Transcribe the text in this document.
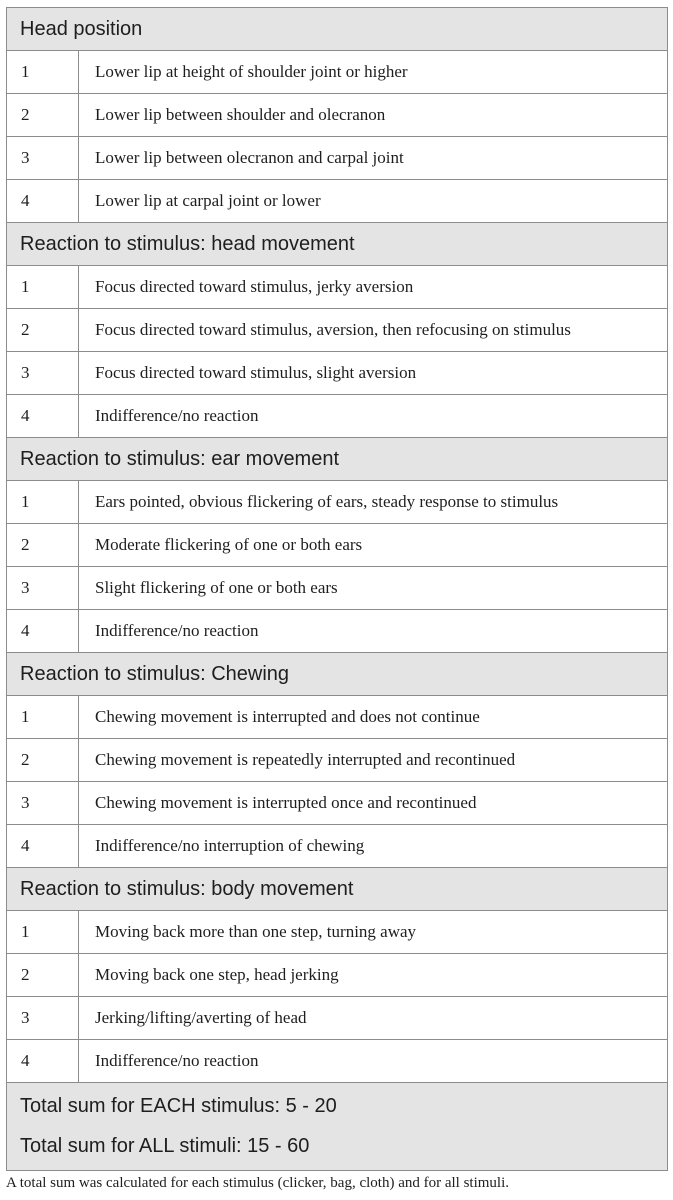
Head position	
1	Lower lip at height of shoulder joint or higher
2	Lower lip between shoulder and olecranon
3	Lower lip between olecranon and carpal joint
4	Lower lip at carpal joint or lower
Reaction to stimulus: head movement	
1	Focus directed toward stimulus, jerky aversion
2	Focus directed toward stimulus, aversion, then refocusing on stimulus
3	Focus directed toward stimulus, slight aversion
4	Indifference/no reaction
Reaction to stimulus: ear movement	
1	Ears pointed, obvious flickering of ears, steady response to stimulus
2	Moderate flickering of one or both ears
3	Slight flickering of one or both ears
4	Indifference/no reaction
Reaction to stimulus: Chewing	
1	Chewing movement is interrupted and does not continue
2	Chewing movement is repeatedly interrupted and recontinued
3	Chewing movement is interrupted once and recontinued
4	Indifference/no interruption of chewing
Reaction to stimulus: body movement	
1	Moving back more than one step, turning away
2	Moving back one step, head jerking
3	Jerking/lifting/averting of head
4	Indifference/no reaction
Total sum for EACH stimulus: 5 - 20	
Total sum for ALL stimuli: 15 - 60	
A total sum was calculated for each stimulus (clicker, bag, cloth) and for all stimuli.
